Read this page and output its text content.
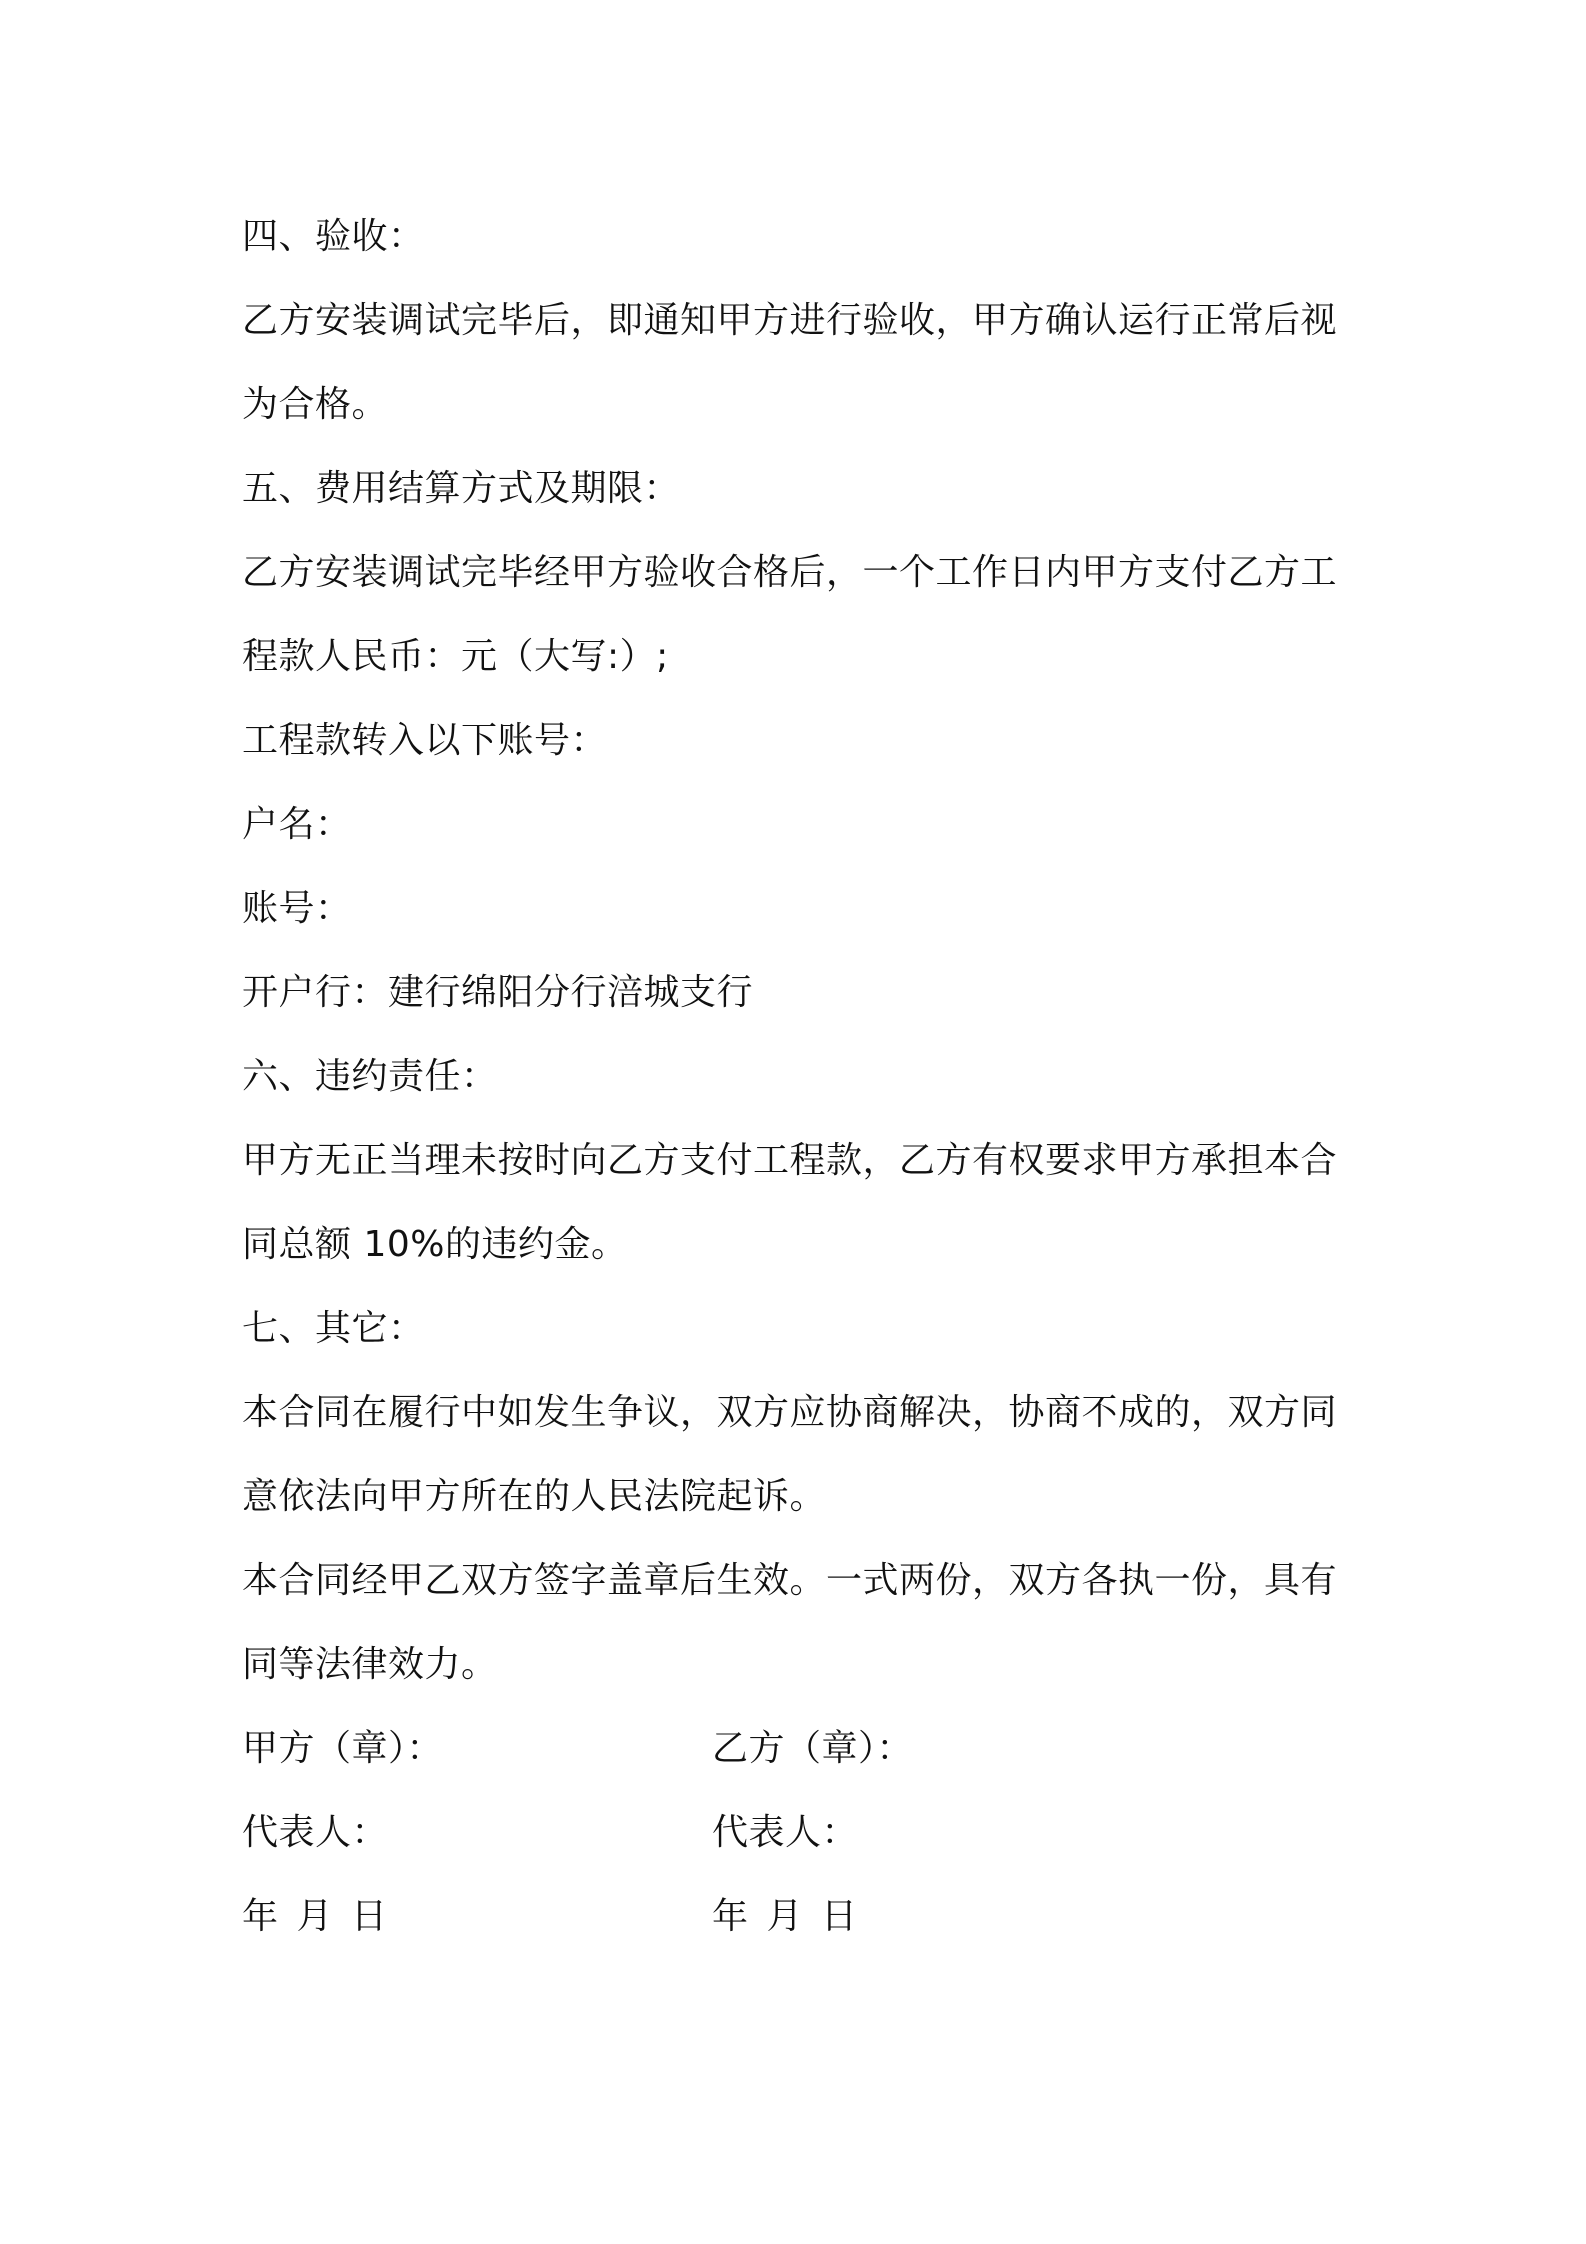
四、验收：
乙方安装调试完毕后，即通知甲方进行验收，甲方确认运行正常后视
为合格。
五、费用结算方式及期限：
乙方安装调试完毕经甲方验收合格后，一个工作日内甲方支付乙方工
程款人民币：元（大写:）;
工程款转入以下账号：
户名：
账号：
开户行：建行绵阳分行涪城支行
六、违约责任：
甲方无正当理未按时向乙方支付工程款，乙方有权要求甲方承担本合
同总额 10%的违约金。
七、其它：
本合同在履行中如发生争议，双方应协商解决，协商不成的，双方同
意依法向甲方所在的人民法院起诉。
本合同经甲乙双方签字盖章后生效。一式两份，双方各执一份，具有
同等法律效力。
甲方（章）：	乙方（章）：
代表人：	代表人：
年 月 日	年 月 日
